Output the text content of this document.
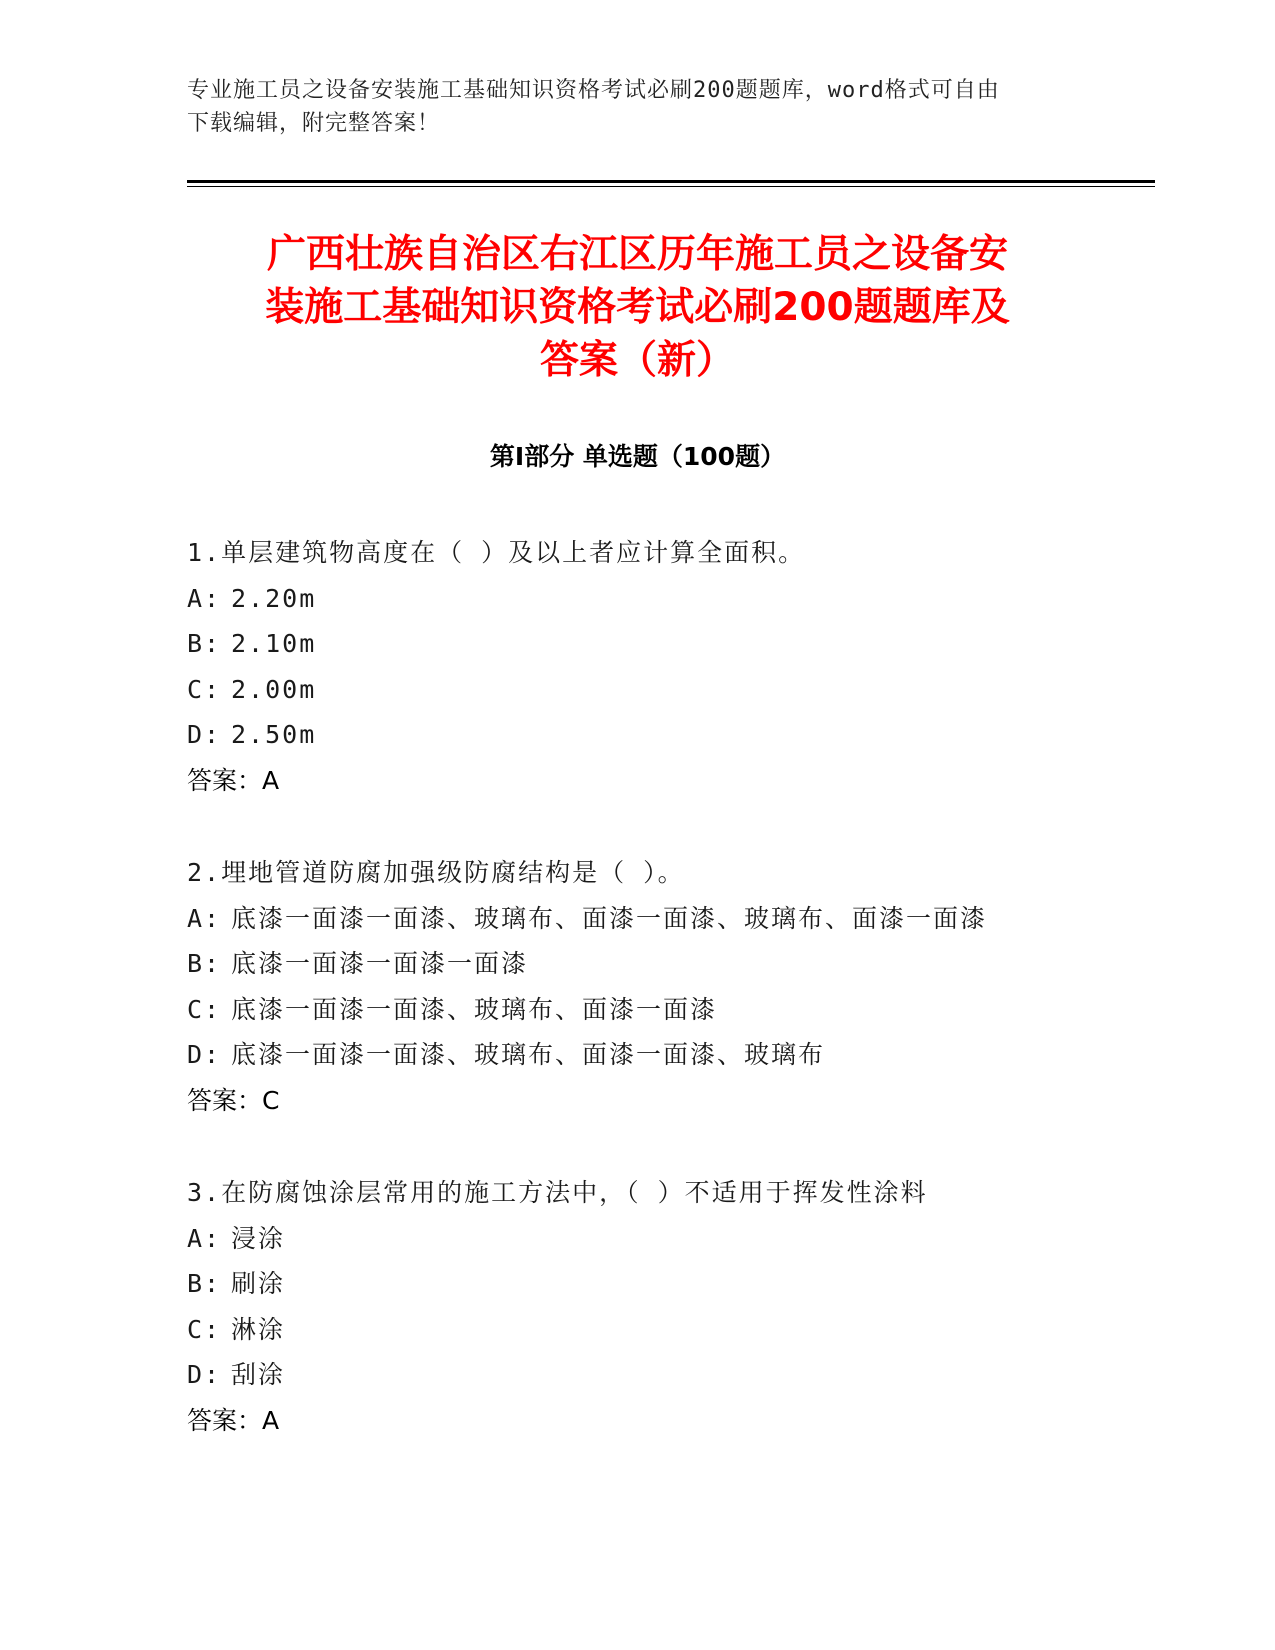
专业施工员之设备安装施工基础知识资格考试必刷200题题库，word格式可自由
下载编辑，附完整答案！
广西壮族自治区右江区历年施工员之设备安
装施工基础知识资格考试必刷200题题库及
答案（新）
第Ⅰ部分 单选题（100题）
1.单层建筑物高度在（ ）及以上者应计算全面积。
A: 2.20m
B: 2.10m
C: 2.00m
D: 2.50m
答案：A
2.埋地管道防腐加强级防腐结构是（ ）。
A: 底漆一面漆一面漆、玻璃布、面漆一面漆、玻璃布、面漆一面漆
B: 底漆一面漆一面漆一面漆
C: 底漆一面漆一面漆、玻璃布、面漆一面漆
D: 底漆一面漆一面漆、玻璃布、面漆一面漆、玻璃布
答案：C
3.在防腐蚀涂层常用的施工方法中，（ ）不适用于挥发性涂料
A: 浸涂
B: 刷涂
C: 淋涂
D: 刮涂
答案：A
